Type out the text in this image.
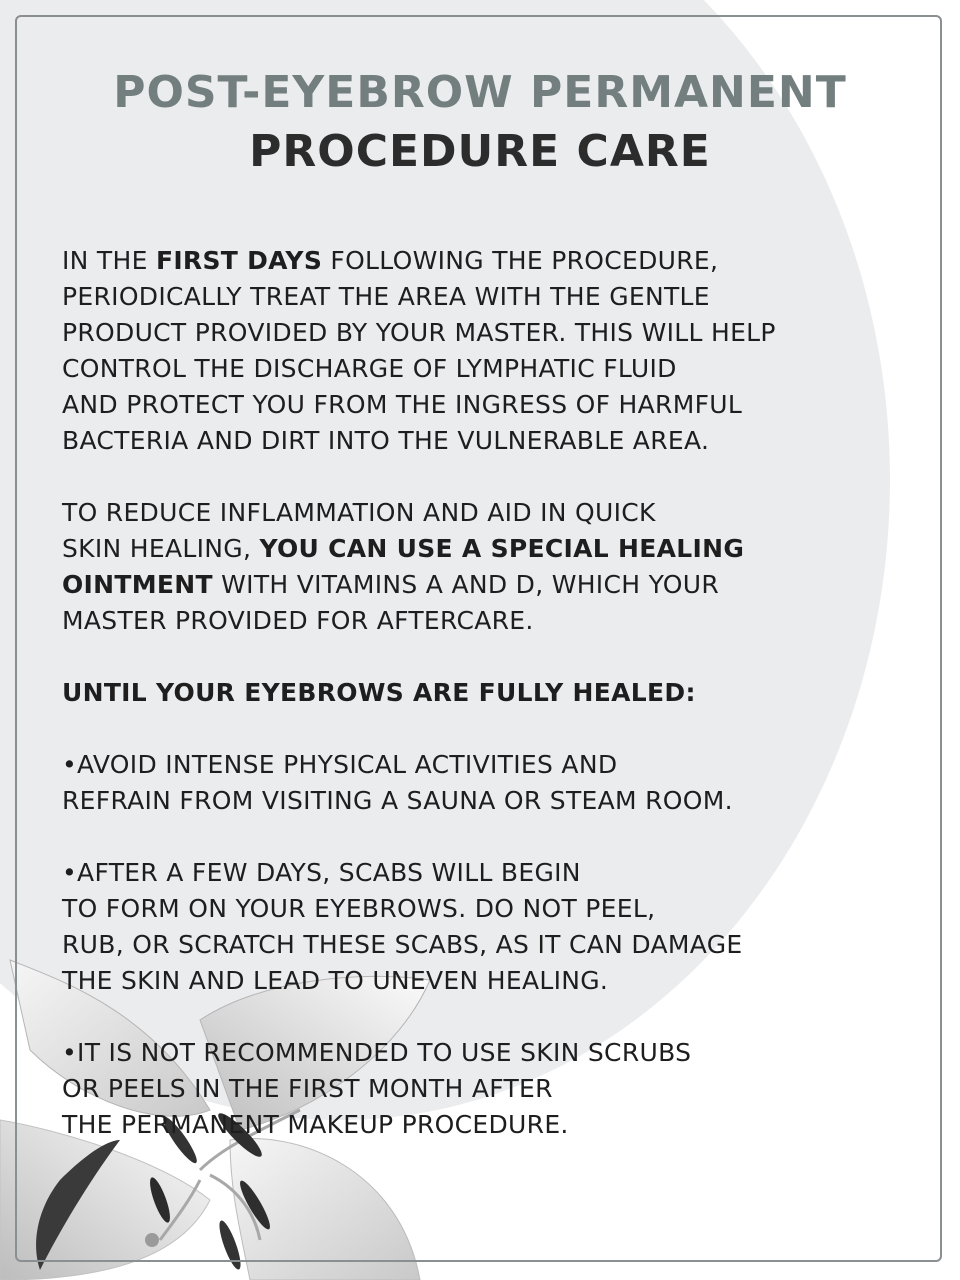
POST-EYEBROW PERMANENT
PROCEDURE CARE

IN THE FIRST DAYS FOLLOWING THE PROCEDURE,
PERIODICALLY TREAT THE AREA WITH THE GENTLE
PRODUCT PROVIDED BY YOUR MASTER. THIS WILL HELP
CONTROL THE DISCHARGE OF LYMPHATIC FLUID
AND PROTECT YOU FROM THE INGRESS OF HARMFUL
BACTERIA AND DIRT INTO THE VULNERABLE AREA.

TO REDUCE INFLAMMATION AND AID IN QUICK
SKIN HEALING, YOU CAN USE A SPECIAL HEALING
OINTMENT WITH VITAMINS A AND D, WHICH YOUR
MASTER PROVIDED FOR AFTERCARE.

UNTIL YOUR EYEBROWS ARE FULLY HEALED:

•AVOID INTENSE PHYSICAL ACTIVITIES AND
REFRAIN FROM VISITING A SAUNA OR STEAM ROOM.

•AFTER A FEW DAYS, SCABS WILL BEGIN
TO FORM ON YOUR EYEBROWS. DO NOT PEEL,
RUB, OR SCRATCH THESE SCABS, AS IT CAN DAMAGE
THE SKIN AND LEAD TO UNEVEN HEALING.

•IT IS NOT RECOMMENDED TO USE SKIN SCRUBS
OR PEELS IN THE FIRST MONTH AFTER
THE PERMANENT MAKEUP PROCEDURE.
